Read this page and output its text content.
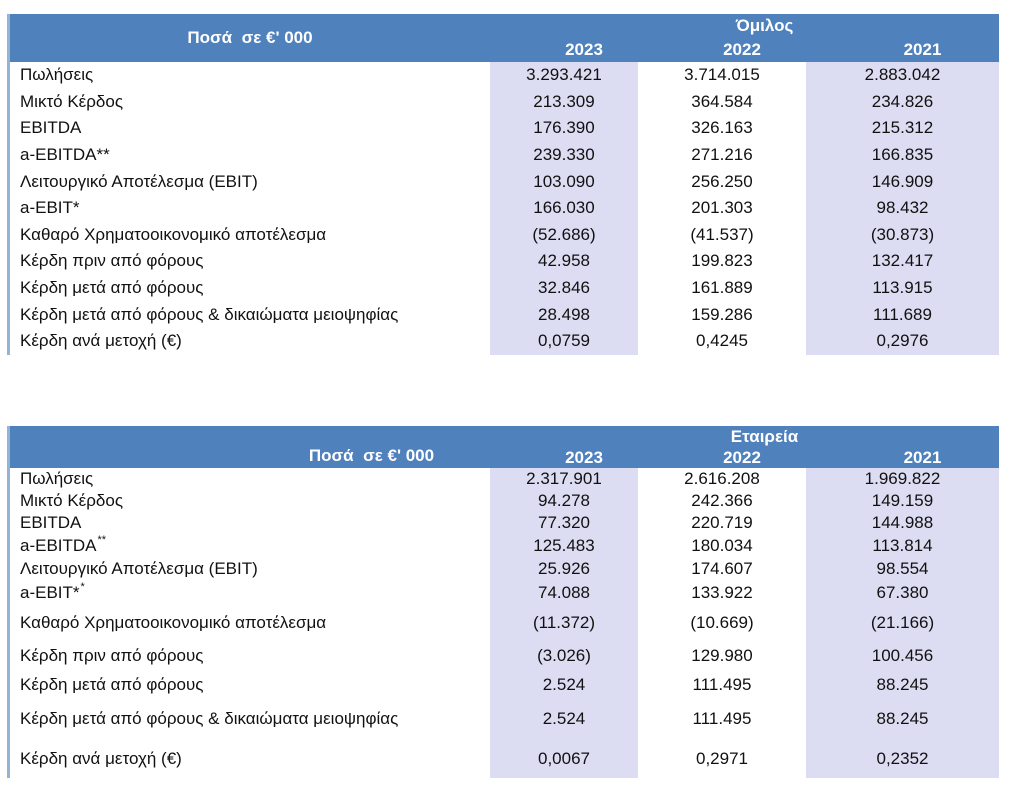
Ποσά  σε €' 000
Όμιλος
2023	2022	2021
Πωλήσεις	3.293.421	3.714.015	2.883.042
Μικτό Κέρδος	213.309	364.584	234.826
EBITDA	176.390	326.163	215.312
a-EBITDA**	239.330	271.216	166.835
Λειτουργικό Αποτέλεσμα (EBIT)	103.090	256.250	146.909
a-EBIT*	166.030	201.303	98.432
Καθαρό Χρηματοοικονομικό αποτέλεσμα	(52.686)	(41.537)	(30.873)
Κέρδη πριν από φόρους	42.958	199.823	132.417
Κέρδη μετά από φόρους	32.846	161.889	113.915
Κέρδη μετά από φόρους & δικαιώματα μειοψηφίας	28.498	159.286	111.689
Κέρδη ανά μετοχή (€)	0,0759	0,4245	0,2976
Ποσά  σε €' 000
Εταιρεία
2023	2022	2021
Πωλήσεις	2.317.901	2.616.208	1.969.822
Μικτό Κέρδος	94.278	242.366	149.159
EBITDA	77.320	220.719	144.988
a-EBITDA**	125.483	180.034	113.814
Λειτουργικό Αποτέλεσμα (EBIT)	25.926	174.607	98.554
a-EBIT**	74.088	133.922	67.380
Καθαρό Χρηματοοικονομικό αποτέλεσμα	(11.372)	(10.669)	(21.166)
Κέρδη πριν από φόρους	(3.026)	129.980	100.456
Κέρδη μετά από φόρους	2.524	111.495	88.245
Κέρδη μετά από φόρους & δικαιώματα μειοψηφίας	2.524	111.495	88.245
Κέρδη ανά μετοχή (€)	0,0067	0,2971	0,2352
